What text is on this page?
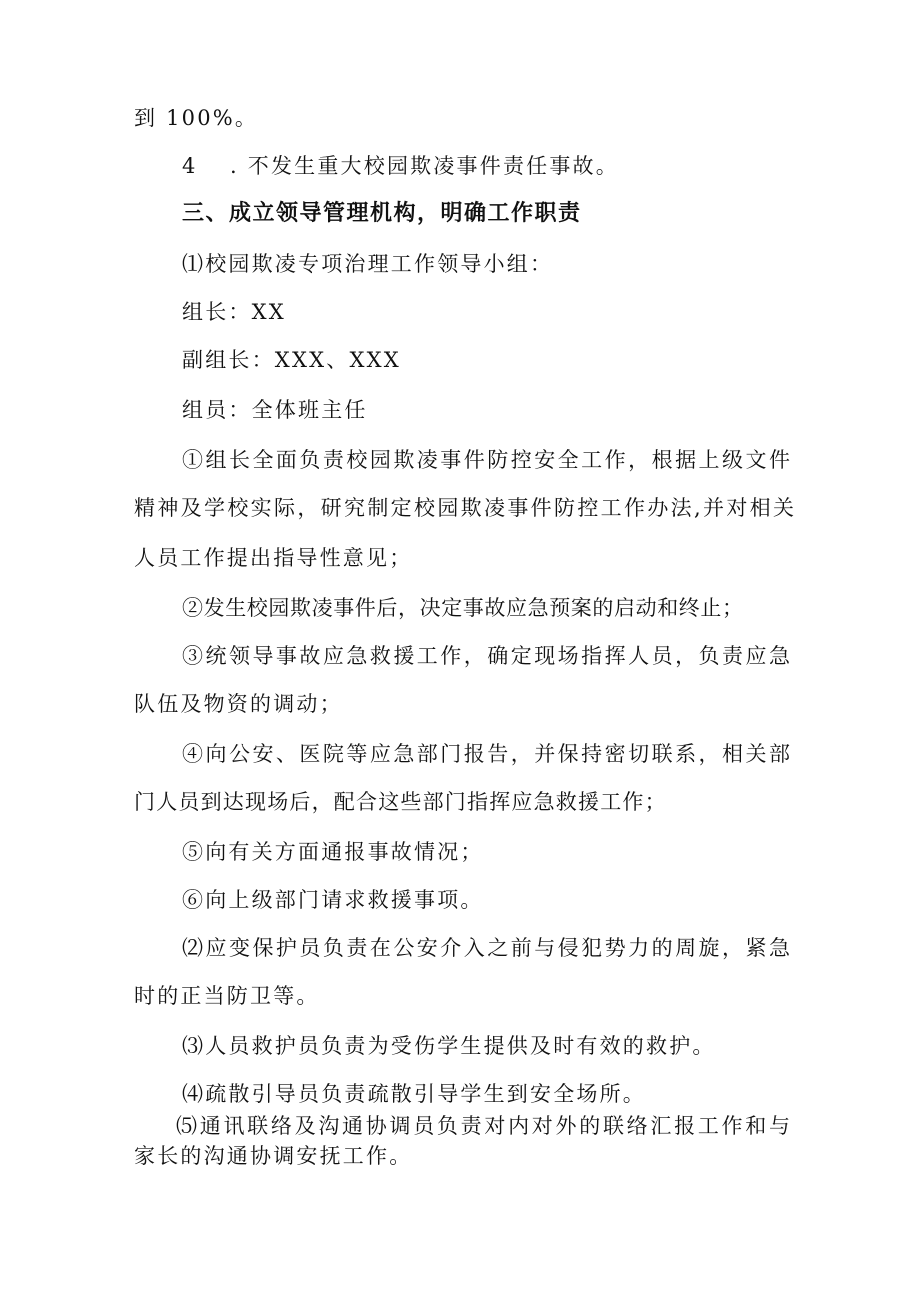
到 100%。
4 . 不发生重大校园欺凌事件责任事故。
三、成立领导管理机构，明确工作职责
⑴校园欺凌专项治理工作领导小组：
组长：XX
副组长：XXX、XXX
组员：全体班主任
①组长全面负责校园欺凌事件防控安全工作，根据上级文件
精神及学校实际，研究制定校园欺凌事件防控工作办法,并对相关
人员工作提出指导性意见；
②发生校园欺凌事件后，决定事故应急预案的启动和终止；
③统领导事故应急救援工作，确定现场指挥人员，负责应急
队伍及物资的调动；
④向公安、医院等应急部门报告，并保持密切联系，相关部
门人员到达现场后，配合这些部门指挥应急救援工作；
⑤向有关方面通报事故情况；
⑥向上级部门请求救援事项。
⑵应变保护员负责在公安介入之前与侵犯势力的周旋，紧急
时的正当防卫等。
⑶人员救护员负责为受伤学生提供及时有效的救护。
⑷疏散引导员负责疏散引导学生到安全场所。
⑸通讯联络及沟通协调员负责对内对外的联络汇报工作和与
家长的沟通协调安抚工作。
